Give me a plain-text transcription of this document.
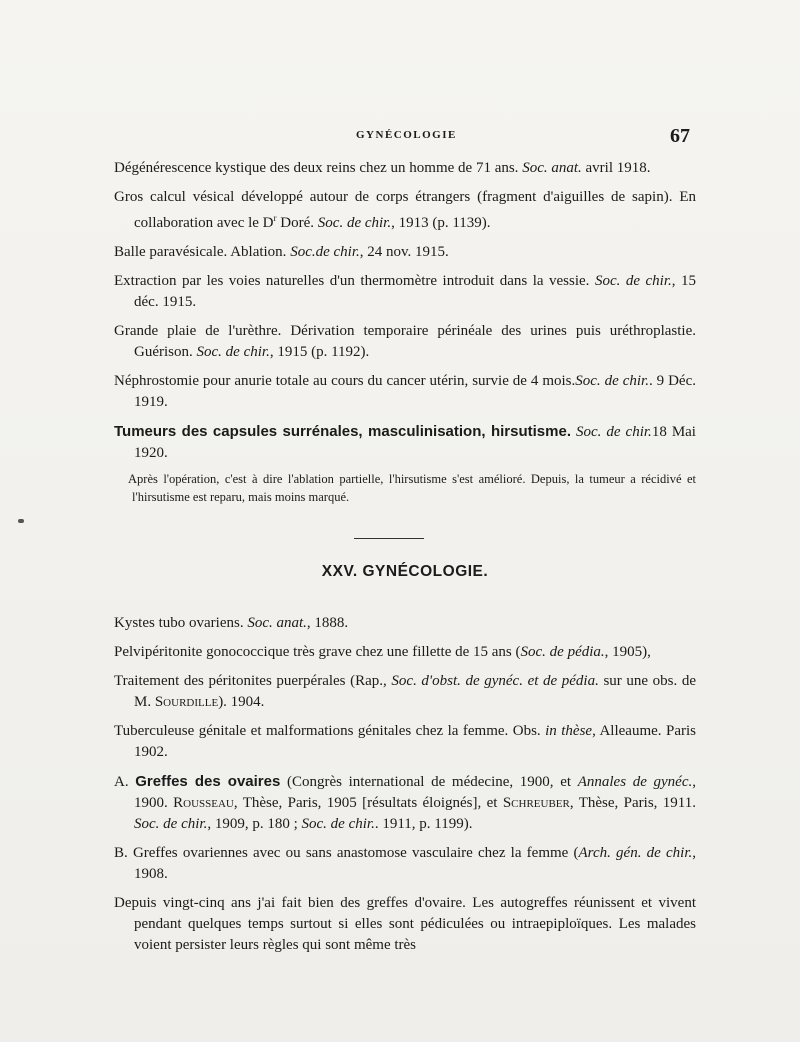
GYNÉCOLOGIE	67

Dégénérescence kystique des deux reins chez un homme de 71 ans. Soc. anat. avril 1918.

Gros calcul vésical développé autour de corps étrangers (fragment d'aiguilles de sapin). En collaboration avec le $D^r$ Doré. Soc. de chir., 1913 (p. 1139).

Balle paravésicale. Ablation. Soc.de chir., 24 nov. 1915.

Extraction par les voies naturelles d'un thermomètre introduit dans la vessie. Soc. de chir., 15 déc. 1915.

Grande plaie de l'urèthre. Dérivation temporaire périnéale des urines puis uréthroplastie. Guérison. Soc. de chir., 1915 (p. 1192).

Néphrostomie pour anurie totale au cours du cancer utérin, survie de 4 mois.Soc. de chir.. 9 Déc. 1919.

Tumeurs des capsules surrénales, masculinisation, hirsutisme. Soc. de chir.18 Mai 1920.

Après l'opération, c'est à dire l'ablation partielle, l'hirsutisme s'est amélioré. Depuis, la tumeur a récidivé et l'hirsutisme est reparu, mais moins marqué.

XXV. GYNÉCOLOGIE.

Kystes tubo ovariens. Soc. anat., 1888.

Pelvipéritonite gonococcique très grave chez une fillette de 15 ans (Soc. de pédia., 1905),

Traitement des péritonites puerpérales (Rap., Soc. d'obst. de gynéc. et de pédia. sur une obs. de M. Sourdille). 1904.

Tuberculeuse génitale et malformations génitales chez la femme. Obs. in thèse, Alleaume. Paris 1902.

A. Greffes des ovaires (Congrès international de médecine, 1900, et Annales de gynéc., 1900. Rousseau, Thèse, Paris, 1905 [résultats éloignés], et Schreuber, Thèse, Paris, 1911. Soc. de chir., 1909, p. 180 ; Soc. de chir.. 1911, p. 1199).

B. Greffes ovariennes avec ou sans anastomose vasculaire chez la femme (Arch. gén. de chir., 1908.

Depuis vingt-cinq ans j'ai fait bien des greffes d'ovaire. Les autogreffes réunissent et vivent pendant quelques temps surtout si elles sont pédiculées ou intraepiploïques. Les malades voient persister leurs règles qui sont même très
